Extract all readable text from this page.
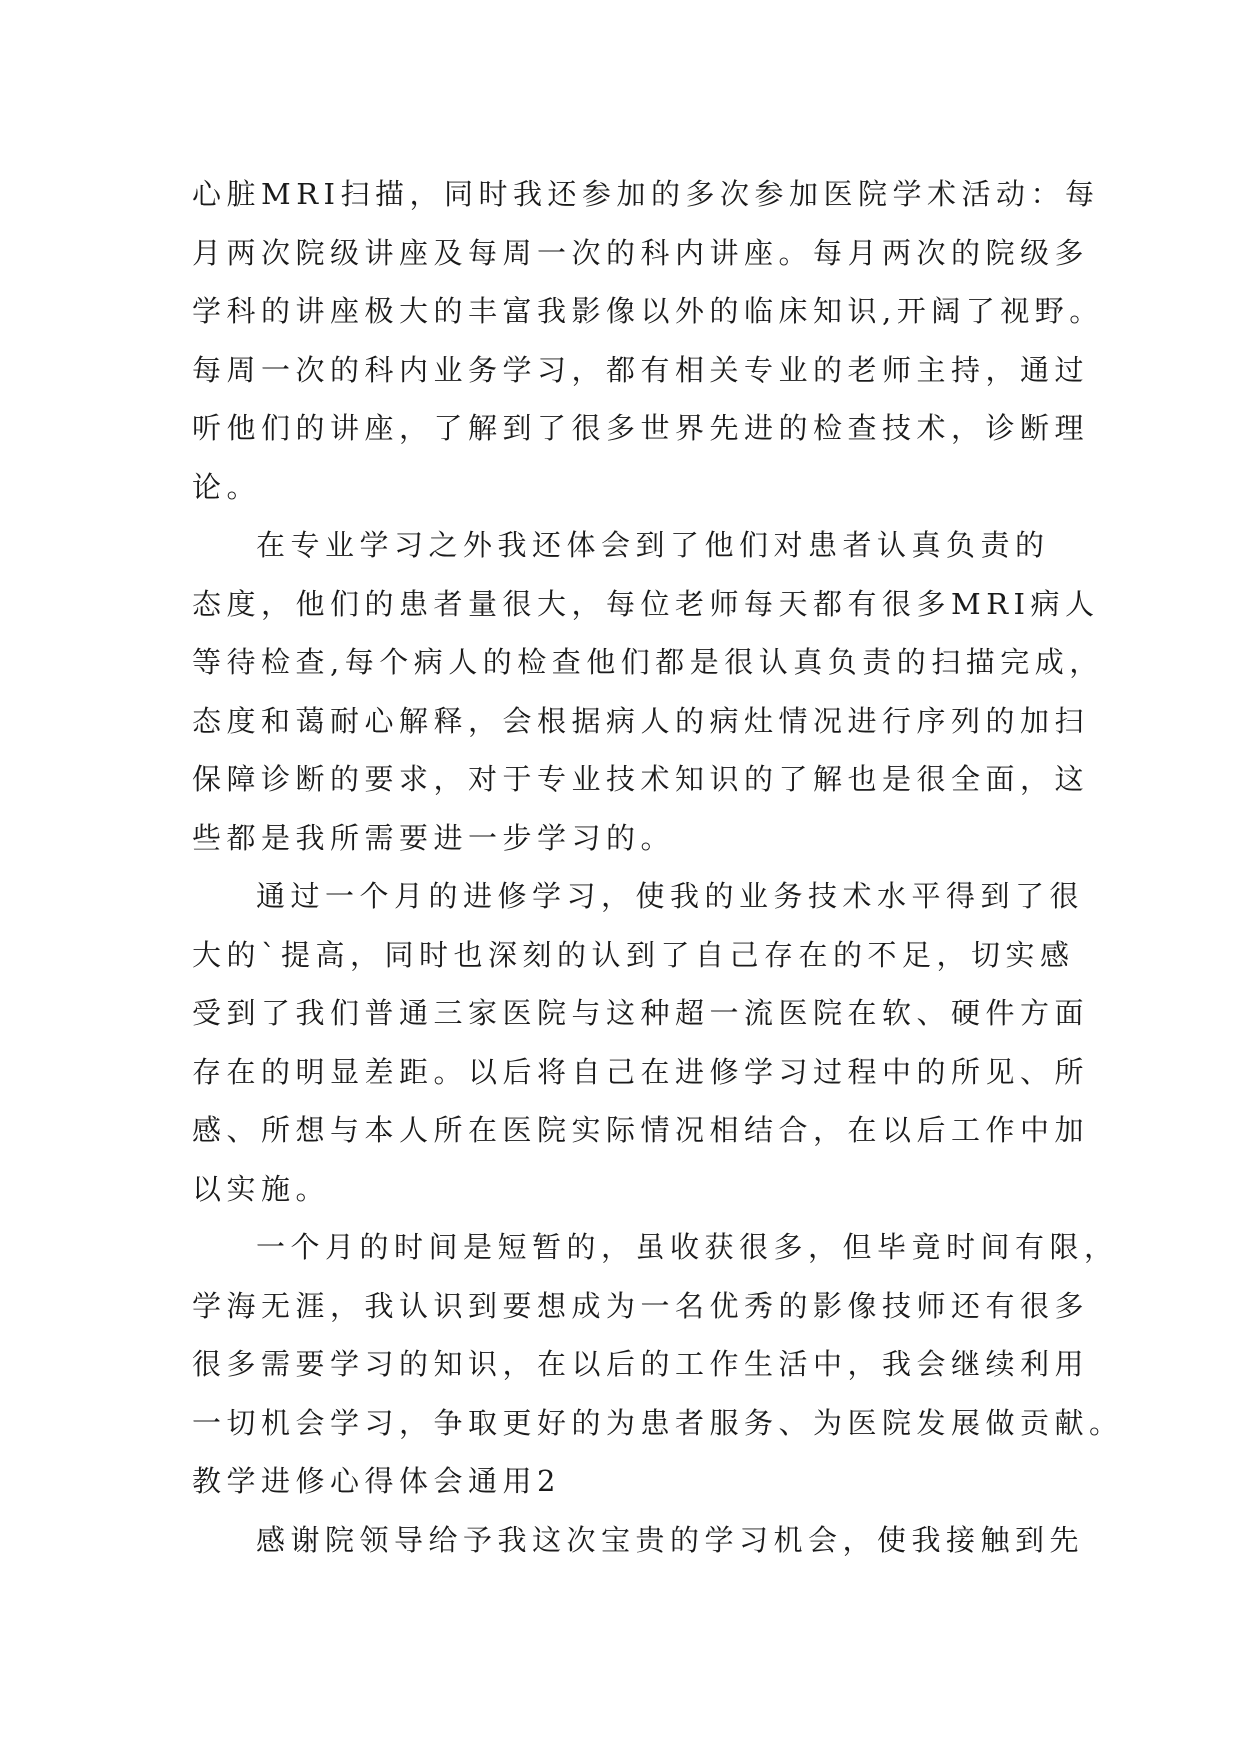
心脏MRI扫描，同时我还参加的多次参加医院学术活动：每
月两次院级讲座及每周一次的科内讲座。每月两次的院级多
学科的讲座极大的丰富我影像以外的临床知识,开阔了视野。
每周一次的科内业务学习，都有相关专业的老师主持，通过
听他们的讲座，了解到了很多世界先进的检查技术，诊断理
论。
在专业学习之外我还体会到了他们对患者认真负责的
态度，他们的患者量很大，每位老师每天都有很多MRI病人
等待检查,每个病人的检查他们都是很认真负责的扫描完成，
态度和蔼耐心解释，会根据病人的病灶情况进行序列的加扫
保障诊断的要求，对于专业技术知识的了解也是很全面，这
些都是我所需要进一步学习的。
通过一个月的进修学习，使我的业务技术水平得到了很
大的`提高，同时也深刻的认到了自己存在的不足，切实感
受到了我们普通三家医院与这种超一流医院在软、硬件方面
存在的明显差距。以后将自己在进修学习过程中的所见、所
感、所想与本人所在医院实际情况相结合，在以后工作中加
以实施。
一个月的时间是短暂的，虽收获很多，但毕竟时间有限，
学海无涯，我认识到要想成为一名优秀的影像技师还有很多
很多需要学习的知识，在以后的工作生活中，我会继续利用
一切机会学习，争取更好的为患者服务、为医院发展做贡献。
教学进修心得体会通用2
感谢院领导给予我这次宝贵的学习机会，使我接触到先
